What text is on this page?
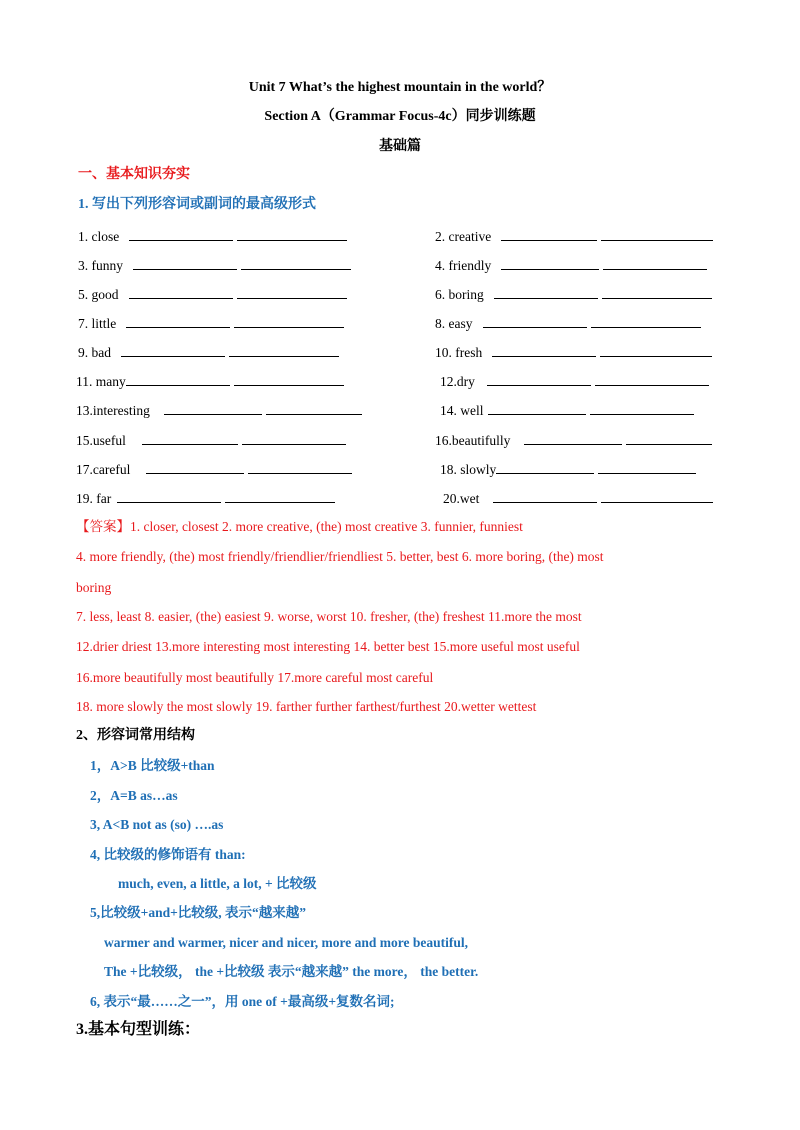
Unit 7 What’s the highest mountain in the world？
Section A（Grammar Focus-4c）同步训练题
基础篇
一、基本知识夯实
1. 写出下列形容词或副词的最高级形式
1. close
3. funny
5. good
7. little
9. bad
11. many
13.interesting
15.useful
17.careful
19. far
2. creative
4. friendly
6. boring
8. easy
10. fresh
12.dry
14. well
16.beautifully
18. slowly
20.wet
【答案】1. closer, closest 2. more creative, (the) most creative 3. funnier, funniest
4. more friendly, (the) most friendly/friendlier/friendliest 5. better, best 6. more boring, (the) most
boring
7. less, least 8. easier, (the) easiest 9. worse, worst 10. fresher, (the) freshest 11.more the most
12.drier driest 13.more interesting most interesting 14. better best 15.more useful most useful
16.more beautifully most beautifully 17.more careful most careful
18. more slowly the most slowly 19. farther further farthest/furthest 20.wetter wettest
2、形容词常用结构
1，A>B 比较级+than
2，A=B as…as
3, A<B not as (so) ….as
4, 比较级的修饰语有 than:
much, even, a little, a lot, + 比较级
5,比较级+and+比较级, 表示“越来越”
warmer and warmer, nicer and nicer, more and more beautiful,
The +比较级， the +比较级 表示“越来越” the more， the better.
6, 表示“最……之一”，用 one of +最高级+复数名词;
3.基本句型训练：
